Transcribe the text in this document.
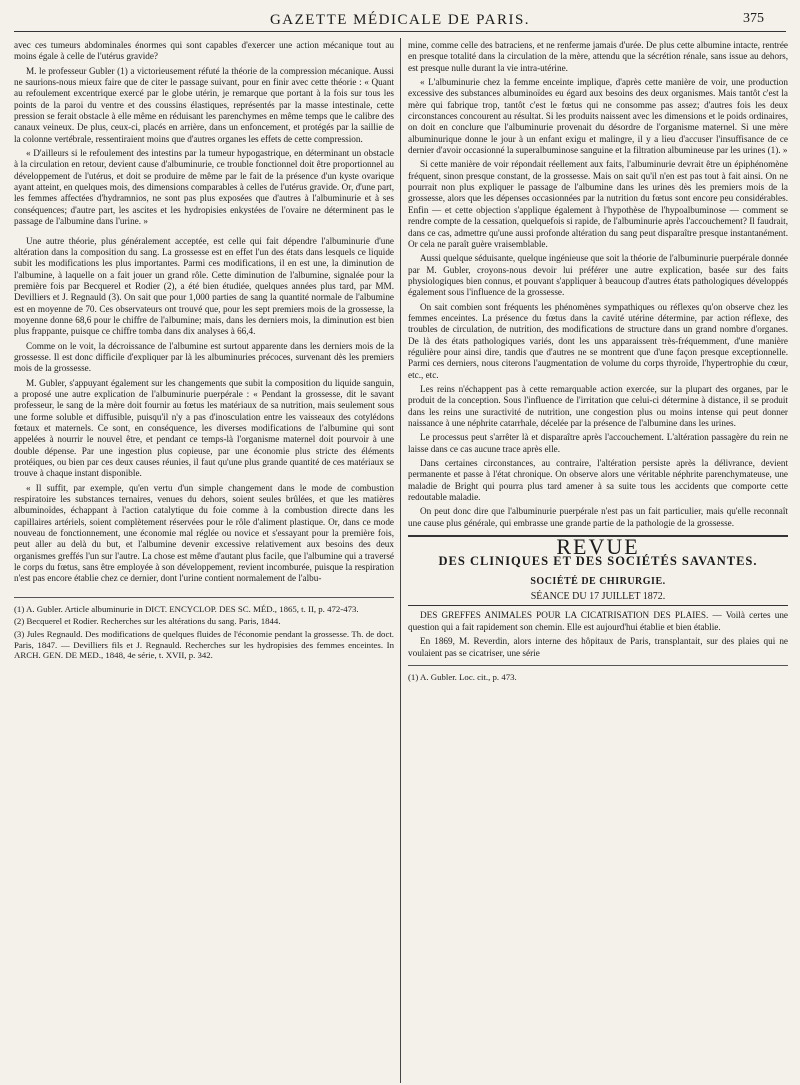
GAZETTE MÉDICALE DE PARIS.	375

avec ces tumeurs abdominales énormes qui sont capables d'exercer une action mécanique tout au moins égale à celle de l'utérus gravide?

M. le professeur Gubler (1) a victorieusement réfuté la théorie de la compression mécanique. Aussi ne saurions-nous mieux faire que de citer le passage suivant, pour en finir avec cette théorie : « Quant au refoulement excentrique exercé par le globe utérin, je remarque que portant à la fois sur tous les points de la paroi du ventre et des coussins élastiques, représentés par la masse intestinale, cette pression se ferait obstacle à elle même en réduisant les parenchymes en même temps que le calibre des canaux veineux. De plus, ceux-ci, placés en arrière, dans un enfoncement, et protégés par la saillie de la colonne vertébrale, ressentiraient moins que d'autres organes les effets de cette compression.

« D'ailleurs si le refoulement des intestins par la tumeur hypogastrique, en déterminant un obstacle à la circulation en retour, devient cause d'albuminurie, ce trouble fonctionnel doit être proportionnel au développement de l'utérus, et doit se produire de même par le fait de la présence d'un kyste ovarique ayant atteint, en quelques mois, des dimensions comparables à celles de l'utérus gravide. Or, d'une part, les femmes affectées d'hydramnios, ne sont pas plus exposées que d'autres à l'albuminurie et à ses conséquences; d'autre part, les ascites et les hydropisies enkystées de l'ovaire ne déterminent pas le passage de l'albumine dans l'urine. »

Une autre théorie, plus généralement acceptée, est celle qui fait dépendre l'albuminurie d'une altération dans la composition du sang. La grossesse est en effet l'un des états dans lesquels ce liquide subit les modifications les plus importantes. Parmi ces modifications, il en est une, la diminution de l'albumine, à laquelle on a fait jouer un grand rôle. Cette diminution de l'albumine, signalée pour la première fois par Becquerel et Rodier (2), a été bien étudiée, quelques années plus tard, par MM. Devilliers et J. Regnauld (3). On sait que pour 1,000 parties de sang la quantité normale de l'albumine est en moyenne de 70. Ces observateurs ont trouvé que, pour les sept premiers mois de la grossesse, la moyenne donne 68,6 pour le chiffre de l'albumine; mais, dans les derniers mois, la diminution est bien plus frappante, puisque ce chiffre tomba dans dix analyses à 66,4.

Comme on le voit, la décroissance de l'albumine est surtout apparente dans les derniers mois de la grossesse. Il est donc difficile d'expliquer par là les albuminuries précoces, survenant dès les premiers mois de la grossesse.

M. Gubler, s'appuyant également sur les changements que subit la composition du liquide sanguin, a proposé une autre explication de l'albuminurie puerpérale : « Pendant la grossesse, dit le savant professeur, le sang de la mère doit fournir au fœtus les matériaux de sa nutrition, mais seulement sous une forme soluble et diffusible, puisqu'il n'y a pas d'inosculation entre les vaisseaux des cotylédons fœtaux et maternels. Ce sont, en conséquence, les diverses modifications de l'albumine qui sont appelées à nourrir le nouvel être, et pendant ce temps-là l'organisme maternel doit pourvoir à une double dépense. Par une ingestion plus copieuse, par une économie plus stricte des éléments protéiques, ou bien par ces deux causes réunies, il faut qu'une plus grande quantité de ces matériaux se trouve à chaque instant disponible.

« Il suffit, par exemple, qu'en vertu d'un simple changement dans le mode de combustion respiratoire les substances ternaires, venues du dehors, soient seules brûlées, et que les matières albuminoïdes, échappant à l'action catalytique du foie comme à la combustion directe dans les capillaires artériels, soient complètement réservées pour le rôle d'aliment plastique. Or, dans ce mode nouveau de fonctionnement, une économie mal réglée ou novice et s'essayant pour la première fois, peut aller au delà du but, et l'albumine devenir excessive relativement aux besoins des deux organismes greffés l'un sur l'autre. La chose est même d'autant plus facile, que l'albumine qui a traversé le corps du fœtus, sans être employée à son développement, revient incomburée, puisque la respiration n'est pas encore établie chez ce dernier, dont l'urine contient normalement de l'albu-

(1) A. Gubler. Article albuminurie in DICT. ENCYCLOP. DES SC. MÉD., 1865, t. II, p. 472-473.

(2) Becquerel et Rodier. Recherches sur les altérations du sang. Paris, 1844.

(3) Jules Regnauld. Des modifications de quelques fluides de l'économie pendant la grossesse. Th. de doct. Paris, 1847. — Devilliers fils et J. Regnauld. Recherches sur les hydropisies des femmes enceintes. In ARCH. GEN. DE MED., 1848, 4e série, t. XVII, p. 342.

mine, comme celle des batraciens, et ne renferme jamais d'urée. De plus cette albumine intacte, rentrée en presque totalité dans la circulation de la mère, attendu que la sécrétion rénale, sans issue au dehors, est presque nulle durant la vie intra-utérine.

« L'albuminurie chez la femme enceinte implique, d'après cette manière de voir, une production excessive des substances albuminoïdes eu égard aux besoins des deux organismes. Mais tantôt c'est la mère qui fabrique trop, tantôt c'est le fœtus qui ne consomme pas assez; d'autres fois les deux circonstances concourent au résultat. Si les produits naissent avec les dimensions et le poids ordinaires, on doit en conclure que l'albuminurie provenait du désordre de l'organisme maternel. Si une mère albuminurique donne le jour à un enfant exigu et malingre, il y a lieu d'accuser l'insuffisance de ce dernier d'avoir occasionné la superalbuminose sanguine et la filtration albumineuse par les urines (1). »

Si cette manière de voir répondait réellement aux faits, l'albuminurie devrait être un épiphénomène fréquent, sinon presque constant, de la grossesse. Mais on sait qu'il n'en est pas tout à fait ainsi. On ne pourrait non plus expliquer le passage de l'albumine dans les urines dès les premiers mois de la grossesse, alors que les dépenses occasionnées par la nutrition du fœtus sont encore peu considérables. Enfin — et cette objection s'applique également à l'hypothèse de l'hypoalbuminose — comment se rendre compte de la cessation, quelquefois si rapide, de l'albuminurie après l'accouchement? Il faudrait, dans ce cas, admettre qu'une aussi profonde altération du sang peut disparaître presque instantanément. Or cela ne paraît guère vraisemblable.

Aussi quelque séduisante, quelque ingénieuse que soit la théorie de l'albuminurie puerpérale donnée par M. Gubler, croyons-nous devoir lui préférer une autre explication, basée sur des faits physiologiques bien connus, et pouvant s'appliquer à beaucoup d'autres états pathologiques développés également sous l'influence de la grossesse.

On sait combien sont fréquents les phénomènes sympathiques ou réflexes qu'on observe chez les femmes enceintes. La présence du fœtus dans la cavité utérine détermine, par action réflexe, des troubles de circulation, de nutrition, des modifications de structure dans un grand nombre d'organes. De là des états pathologiques variés, dont les uns apparaissent très-fréquemment, d'une manière régulière pour ainsi dire, tandis que d'autres ne se montrent que d'une façon presque exceptionnelle. Parmi ces derniers, nous citerons l'augmentation de volume du corps thyroïde, l'hypertrophie du cœur, etc., etc.

Les reins n'échappent pas à cette remarquable action exercée, sur la plupart des organes, par le produit de la conception. Sous l'influence de l'irritation que celui-ci détermine à distance, il se produit dans les reins une suractivité de nutrition, une congestion plus ou moins intense qui peut donner naissance à une néphrite catarrhale, décelée par la présence de l'albumine dans les urines.

Le processus peut s'arrêter là et disparaître après l'accouchement. L'altération passagère du rein ne laisse dans ce cas aucune trace après elle.

Dans certaines circonstances, au contraire, l'altération persiste après la délivrance, devient permanente et passe à l'état chronique. On observe alors une véritable néphrite parenchymateuse, une maladie de Bright qui pourra plus tard amener à sa suite tous les accidents que comporte cette redoutable maladie.

On peut donc dire que l'albuminurie puerpérale n'est pas un fait particulier, mais qu'elle reconnaît une cause plus générale, qui embrasse une grande partie de la pathologie de la grossesse.

REVUE
DES CLINIQUES ET DES SOCIÉTÉS SAVANTES.
SOCIÉTÉ DE CHIRURGIE.
SÉANCE DU 17 JUILLET 1872.

DES GREFFES ANIMALES POUR LA CICATRISATION DES PLAIES. — Voilà certes une question qui a fait rapidement son chemin. Elle est aujourd'hui établie et bien établie.

En 1869, M. Reverdin, alors interne des hôpitaux de Paris, transplantait, sur des plaies qui ne voulaient pas se cicatriser, une série

(1) A. Gubler. Loc. cit., p. 473.
